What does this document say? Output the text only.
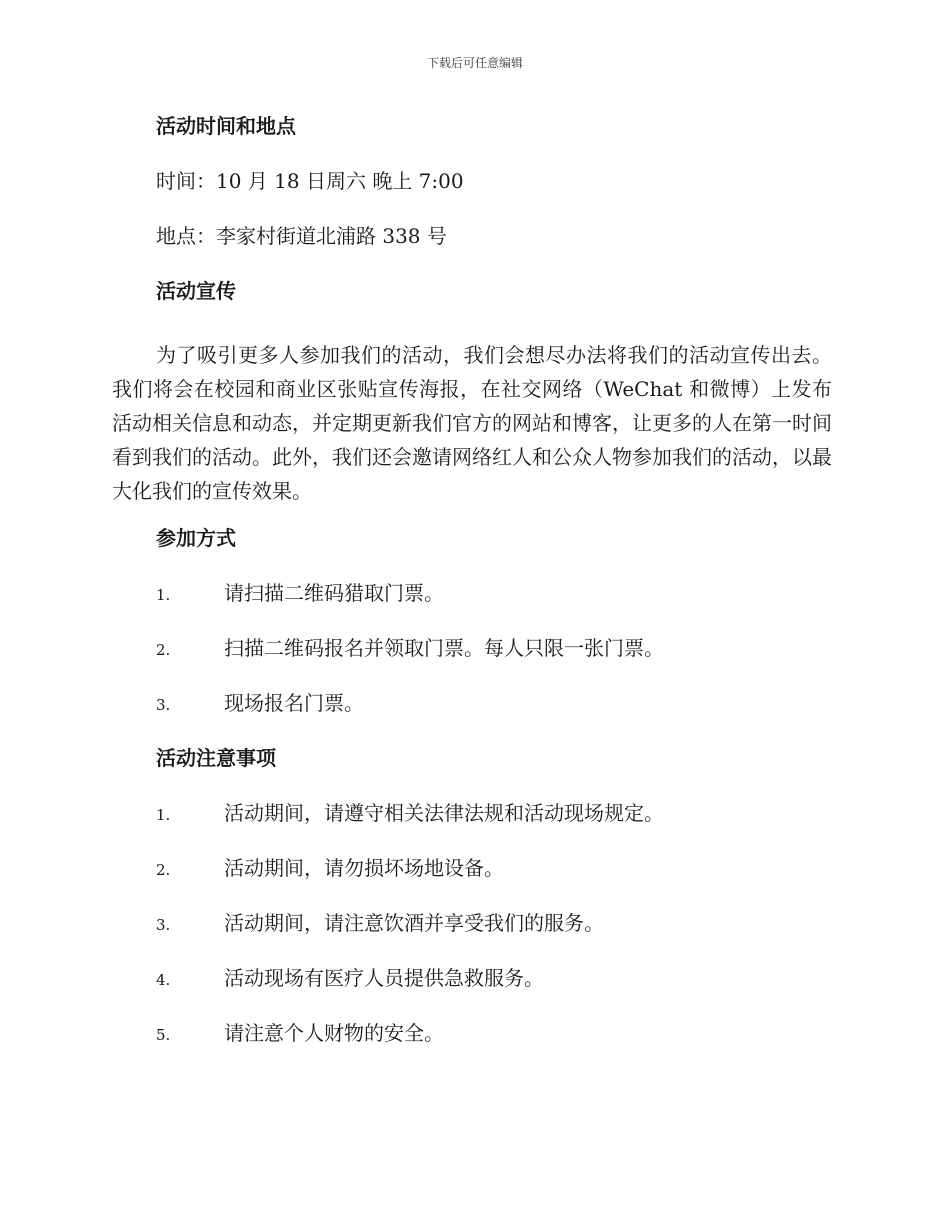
下载后可任意编辑
活动时间和地点
时间：10 月 18 日周六 晚上 7:00
地点：李家村街道北浦路 338 号
活动宣传
为了吸引更多人参加我们的活动，我们会想尽办法将我们的活动宣传出去。我们将会在校园和商业区张贴宣传海报，在社交网络（WeChat 和微博）上发布活动相关信息和动态，并定期更新我们官方的网站和博客，让更多的人在第一时间看到我们的活动。此外，我们还会邀请网络红人和公众人物参加我们的活动，以最大化我们的宣传效果。
参加方式
1.	请扫描二维码猎取门票。
2.	扫描二维码报名并领取门票。每人只限一张门票。
3.	现场报名门票。
活动注意事项
1.	活动期间，请遵守相关法律法规和活动现场规定。
2.	活动期间，请勿损坏场地设备。
3.	活动期间，请注意饮酒并享受我们的服务。
4.	活动现场有医疗人员提供急救服务。
5.	请注意个人财物的安全。
